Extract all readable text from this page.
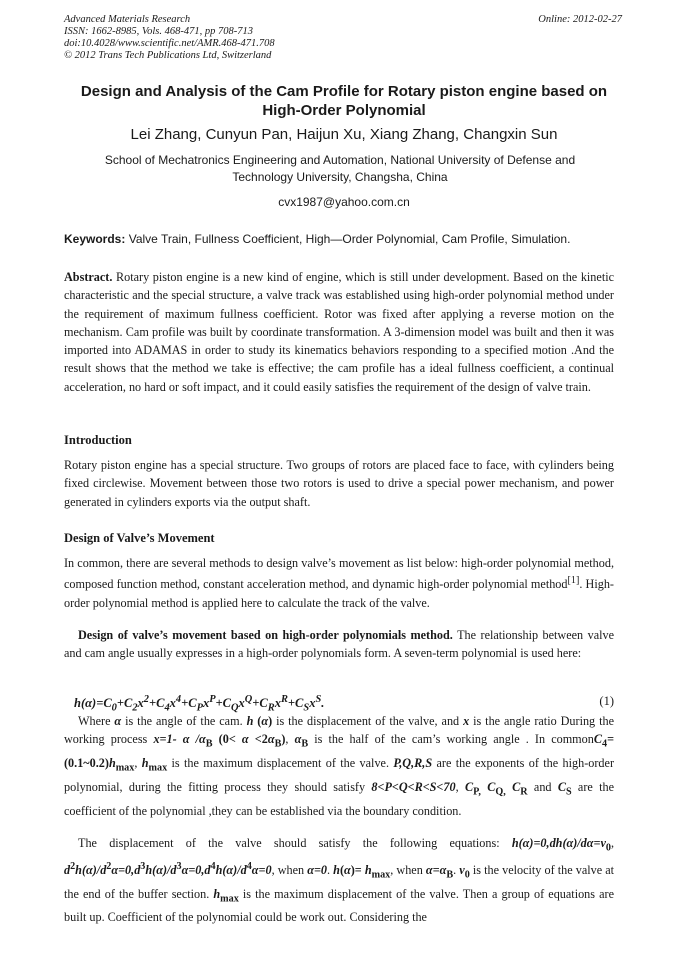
Advanced Materials Research
ISSN: 1662-8985, Vols. 468-471, pp 708-713
doi:10.4028/www.scientific.net/AMR.468-471.708
© 2012 Trans Tech Publications Ltd, Switzerland
Online: 2012-02-27
Design and Analysis of the Cam Profile for Rotary piston engine based on High-Order Polynomial
Lei Zhang, Cunyun Pan, Haijun Xu, Xiang Zhang, Changxin Sun
School of Mechatronics Engineering and Automation, National University of Defense and Technology University, Changsha, China
cvx1987@yahoo.com.cn
Keywords: Valve Train, Fullness Coefficient, High—Order Polynomial, Cam Profile, Simulation.

Abstract. Rotary piston engine is a new kind of engine, which is still under development. Based on the kinetic characteristic and the special structure, a valve track was established using high-order polynomial method under the requirement of maximum fullness coefficient. Rotor was fixed after applying a reverse motion on the mechanism. Cam profile was built by coordinate transformation. A 3-dimension model was built and then it was imported into ADAMAS in order to study its kinematics behaviors responding to a specified motion .And the result shows that the method we take is effective; the cam profile has a ideal fullness coefficient, a continual acceleration, no hard or soft impact, and it could easily satisfies the requirement of the design of valve train.

Introduction

Rotary piston engine has a special structure. Two groups of rotors are placed face to face, with cylinders being fixed circlewise. Movement between those two rotors is used to drive a special power mechanism, and power generated in cylinders exports via the output shaft.

Design of Valve’s Movement

In common, there are several methods to design valve’s movement as list below: high-order polynomial method, composed function method, constant acceleration method, and dynamic high-order polynomial method[1]. High-order polynomial method is applied here to calculate the track of the valve.

Design of valve’s movement based on high-order polynomials method. The relationship between valve and cam angle usually expresses in a high-order polynomials form. A seven-term polynomial is used here:

$h(\alpha)=C_0+C_2x^2+C_4x^4+C_Px^P+C_Qx^Q+C_Rx^R+C_Sx^S$.	(1)

Where α is the angle of the cam. h (α) is the displacement of the valve, and x is the angle ratio During the working process x=1- α $/\alpha_B$ $(0< \alpha <2\alpha_B)$, $\alpha_B$ is the half of the cam’s working angle . In commonC$_4$= $(0.1\sim 0.2)h_{max}$, $h_{max}$ is the maximum displacement of the valve. P,Q,R,S are the exponents of the high-order polynomial, during the fitting process they should satisfy 8<P<Q<R<S<70, $C_{P,}$ $C_{Q,}$ $C_R$ and $C_S$ are the coefficient of the polynomial ,they can be established via the boundary condition.

The displacement of the valve should satisfy the following equations: $h(\alpha)=0,dh(\alpha)/d\alpha=v_0$, $d^2h(\alpha)/d^2\alpha=0,d^3h(\alpha)/d^3\alpha=0,d^4h(\alpha)/d^4\alpha=0$, when α=0. $h(\alpha)= h_{max}$, when $\alpha=\alpha_B$. $v_0$ is the velocity of the valve at the end of the buffer section. $h_{max}$ is the maximum displacement of the valve. Then a group of equations are built up. Coefficient of the polynomial could be work out. Considering the
